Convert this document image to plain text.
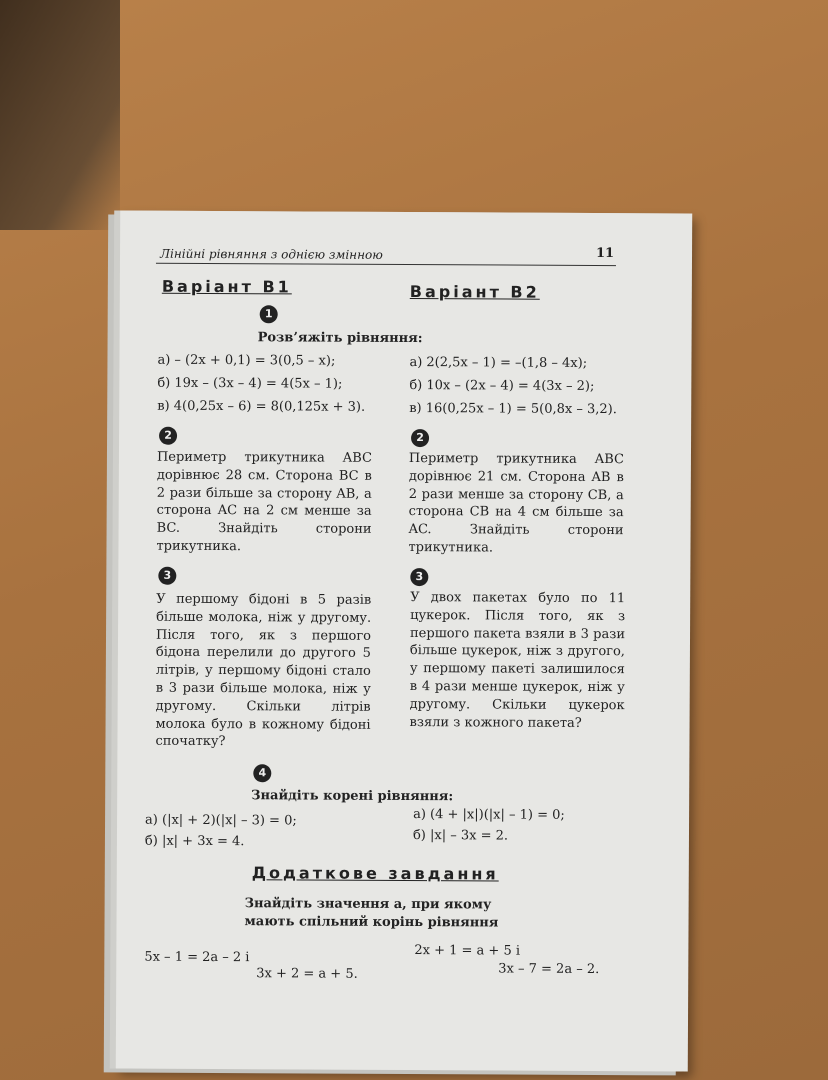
Лінійні рівняння з однією змінною	11
Варіант В1	Варіант В2
1
Розв’яжіть рівняння:
а) – (2x + 0,1) = 3(0,5 – x);
б) 19x – (3x – 4) = 4(5x – 1);
в) 4(0,25x – 6) = 8(0,125x + 3).
а) 2(2,5x – 1) = –(1,8 – 4x);
б) 10x – (2x – 4) = 4(3x – 2);
в) 16(0,25x – 1) = 5(0,8x – 3,2).
2	2
Периметр трикутника ABC дорівнює 28 см. Сторона BC в 2 рази більше за сторону AB, а сторона AC на 2 см менше за BC. Знайдіть сторони трикутника.
Периметр трикутника ABC дорівнює 21 см. Сторона AB в 2 рази менше за сторону CB, а сторона CB на 4 см більше за AC. Знайдіть сторони трикутника.
3	3
У першому бідоні в 5 разів більше молока, ніж у другому. Після того, як з першого бідона перелили до другого 5 літрів, у першому бідоні стало в 3 рази більше молока, ніж у другому. Скільки літрів молока було в кожному бідоні спочатку?
У двох пакетах було по 11 цукерок. Після того, як з першого пакета взяли в 3 рази більше цукерок, ніж з другого, у першому пакеті залишилося в 4 рази менше цукерок, ніж у другому. Скільки цукерок взяли з кожного пакета?
4
Знайдіть корені рівняння:
а) (|x| + 2)(|x| – 3) = 0;
б) |x| + 3x = 4.
а) (4 + |x|)(|x| – 1) = 0;
б) |x| – 3x = 2.
Додаткове завдання
Знайдіть значення a, при якому
мають спільний корінь рівняння
5x – 1 = 2a – 2 і
3x + 2 = a + 5.
2x + 1 = a + 5 і
3x – 7 = 2a – 2.
